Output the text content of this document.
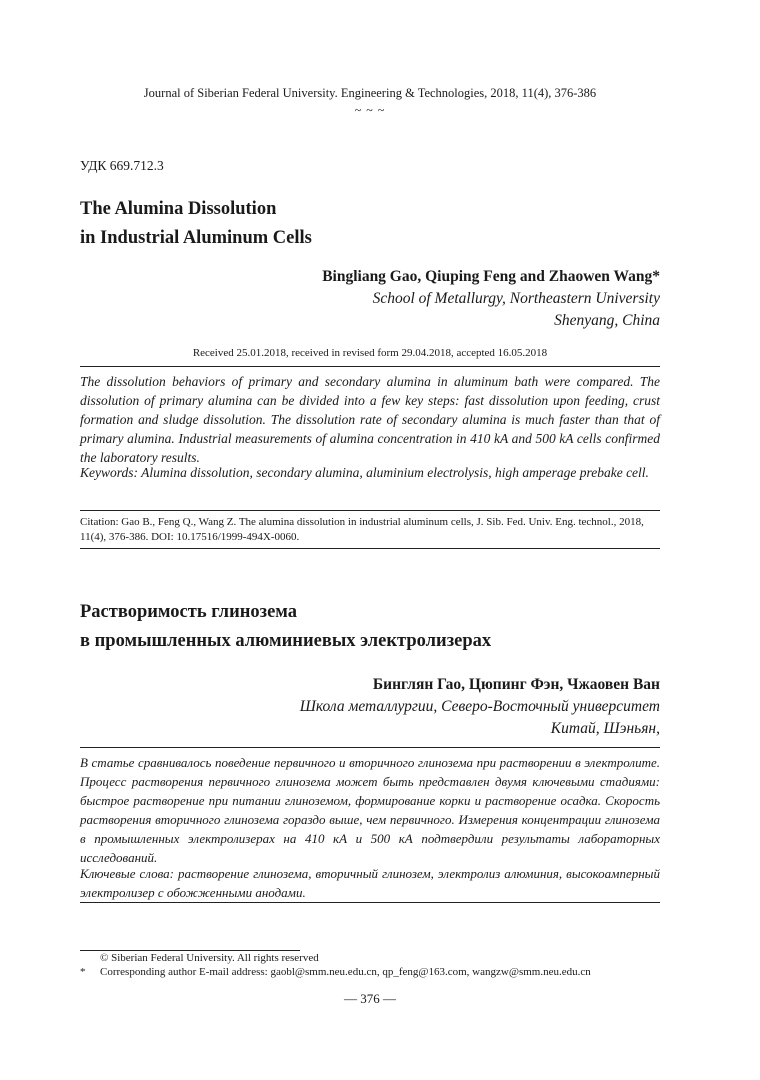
Journal of Siberian Federal University. Engineering & Technologies, 2018, 11(4), 376-386
~ ~ ~
УДК 669.712.3
The Alumina Dissolution
in Industrial Aluminum Cells
Bingliang Gao, Qiuping Feng and Zhaowen Wang*
School of Metallurgy, Northeastern University
Shenyang, China
Received 25.01.2018, received in revised form 29.04.2018, accepted 16.05.2018
The dissolution behaviors of primary and secondary alumina in aluminum bath were compared. The dissolution of primary alumina can be divided into a few key steps: fast dissolution upon feeding, crust formation and sludge dissolution. The dissolution rate of secondary alumina is much faster than that of primary alumina. Industrial measurements of alumina concentration in 410 kA and 500 kA cells confirmed the laboratory results.
Keywords: Alumina dissolution, secondary alumina, aluminium electrolysis, high amperage prebake cell.
Citation: Gao B., Feng Q., Wang Z. The alumina dissolution in industrial aluminum cells, J. Sib. Fed. Univ. Eng. technol., 2018, 11(4), 376-386. DOI: 10.17516/1999-494X-0060.
Растворимость глинозема
в промышленных алюминиевых электролизерах
Бинглян Гао, Цюпинг Фэн, Чжаовен Ван
Школа металлургии, Северо-Восточный университет
Китай, Шэньян,
В статье сравнивалось поведение первичного и вторичного глинозема при растворении в электролите. Процесс растворения первичного глинозема может быть представлен двумя ключевыми стадиями: быстрое растворение при питании глиноземом, формирование корки и растворение осадка. Скорость растворения вторичного глинозема гораздо выше, чем первичного. Измерения концентрации глинозема в промышленных электролизерах на 410 кА и 500 кА подтвердили результаты лабораторных исследований.
Ключевые слова: растворение глинозема, вторичный глинозем, электролиз алюминия, высокоамперный электролизер с обожженными анодами.
© Siberian Federal University. All rights reserved
* Corresponding author E-mail address: gaobl@smm.neu.edu.cn, qp_feng@163.com, wangzw@smm.neu.edu.cn
— 376 —
